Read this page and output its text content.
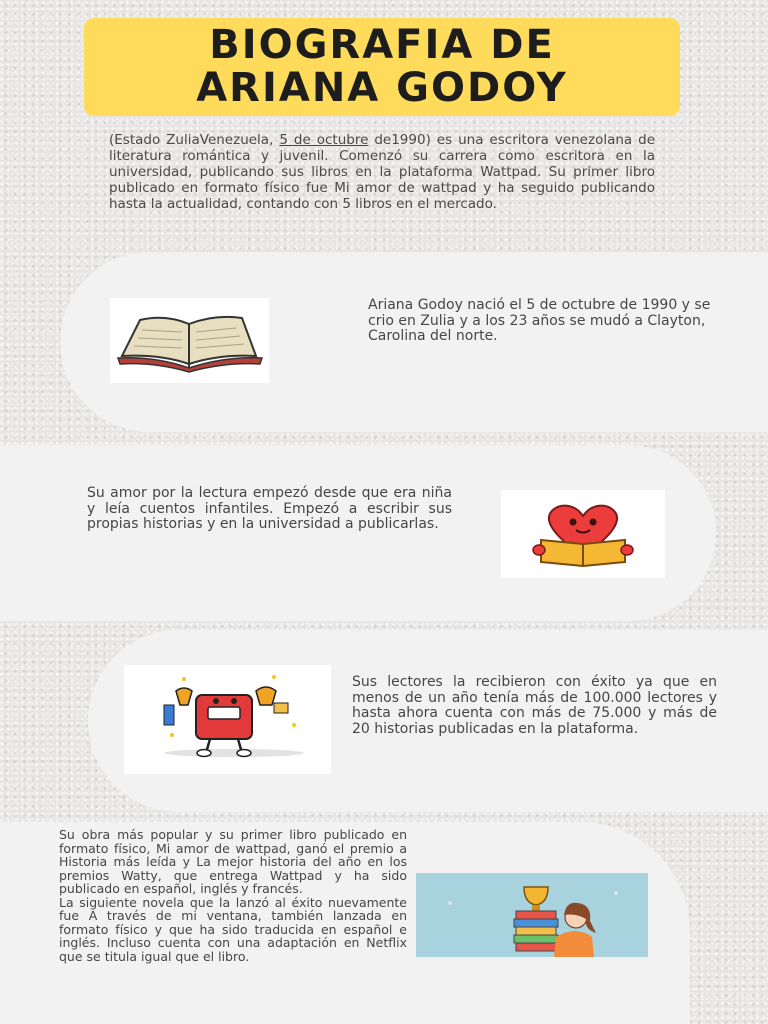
BIOGRAFIA DE
ARIANA GODOY

(Estado ZuliaVenezuela, 5 de octubre de1990) es una escritora venezolana de literatura romántica y juvenil. Comenzó su carrera como escritora en la universidad, publicando sus libros en la plataforma Wattpad. Su primer libro publicado en formato físico fue Mi amor de wattpad y ha seguido publicando hasta la actualidad, contando con 5 libros en el mercado.

Ariana Godoy nació el 5 de octubre de 1990 y se crio en Zulia y a los 23 años se mudó a Clayton, Carolina del norte.

Su amor por la lectura empezó desde que era niña y leía cuentos infantiles. Empezó a escribir sus propias historias y en la universidad a publicarlas.

Sus lectores la recibieron con éxito ya que en menos de un año tenía más de 100.000 lectores y hasta ahora cuenta con más de 75.000 y más de 20 historias publicadas en la plataforma.

Su obra más popular y su primer libro publicado en formato físico, Mi amor de wattpad, ganó el premio a Historia más leída y La mejor historia del año en los premios Watty, que entrega Wattpad y ha sido publicado en español, inglés y francés.
La siguiente novela que la lanzó al éxito nuevamente fue A través de mi ventana, también lanzada en formato físico y que ha sido traducida en español e inglés. Incluso cuenta con una adaptación en Netflix que se titula igual que el libro.
